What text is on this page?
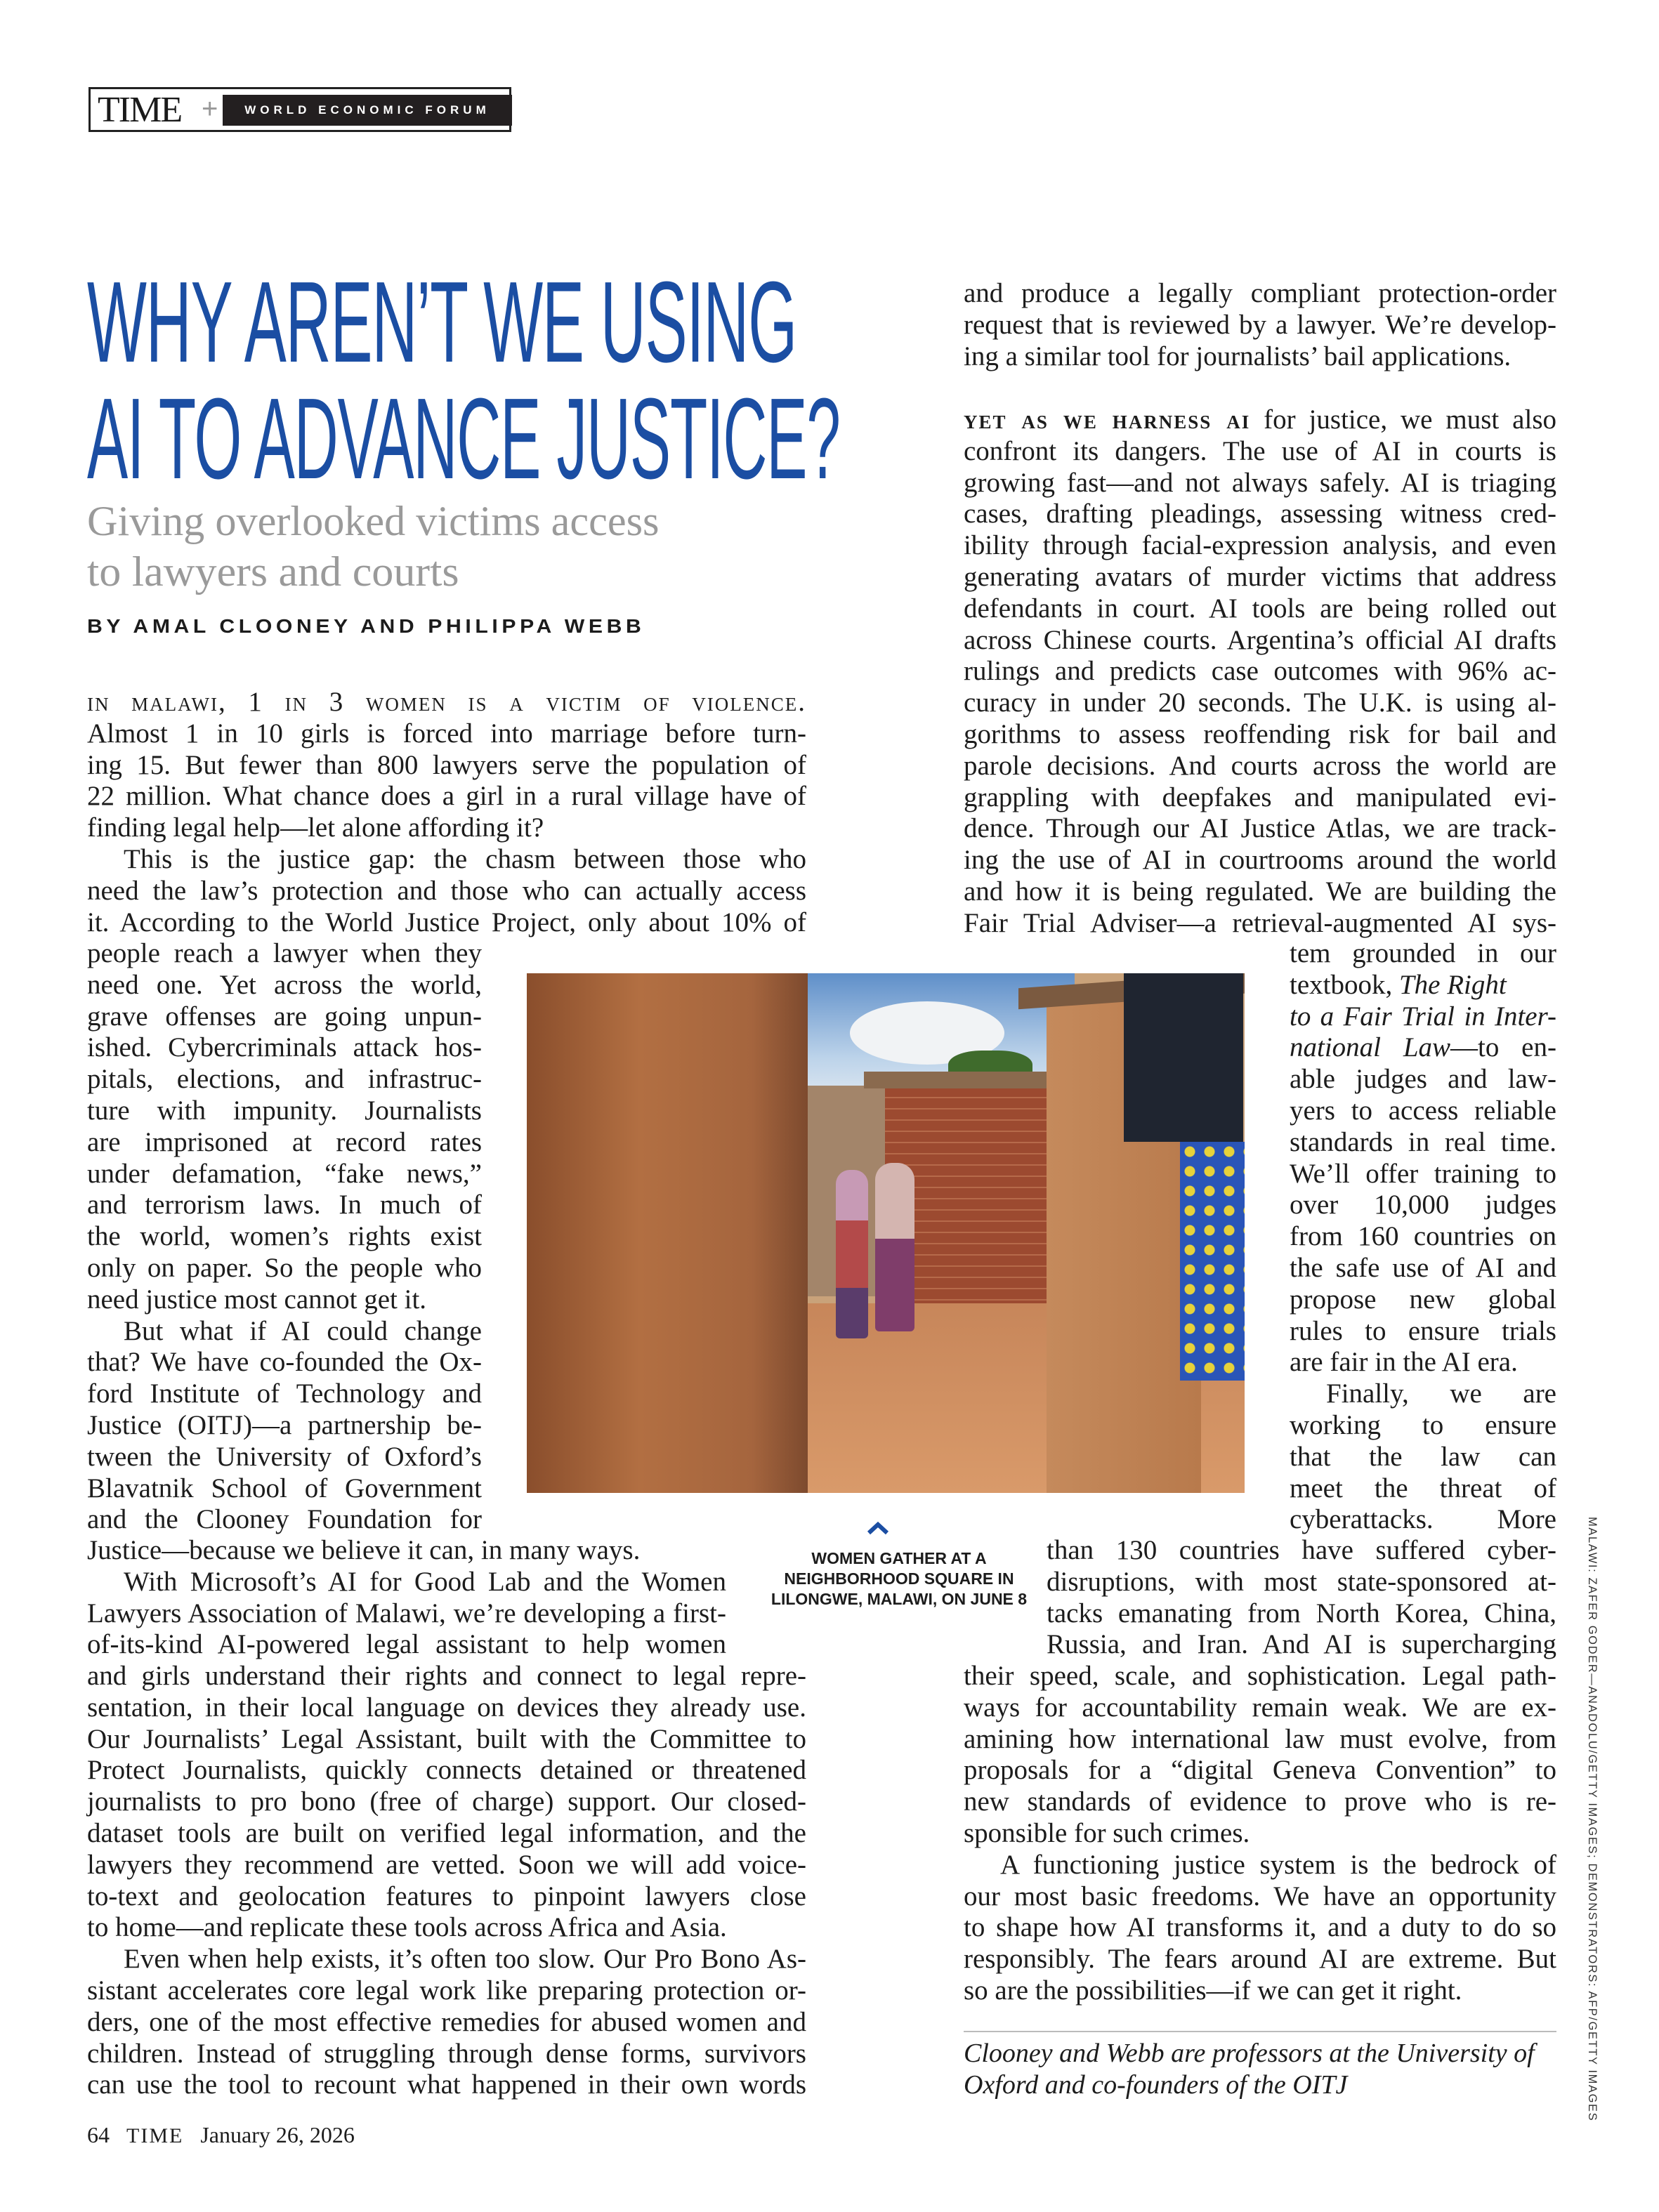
TIME +	WORLD ECONOMIC FORUM
WHY AREN’T WE USING
AI TO ADVANCE JUSTICE?
Giving overlooked victims access
to lawyers and courts
BY AMAL CLOONEY AND PHILIPPA WEBB
in malawi, 1 in 3 women is a victim of violence.
Almost 1 in 10 girls is forced into marriage before turn-
ing 15. But fewer than 800 lawyers serve the population of
22 million. What chance does a girl in a rural village have of
finding legal help—let alone affording it?
This is the justice gap: the chasm between those who
need the law’s protection and those who can actually access
it. According to the World Justice Project, only about 10% of
people reach a lawyer when they
need one. Yet across the world,
grave offenses are going unpun-
ished. Cybercriminals attack hos-
pitals, elections, and infrastruc-
ture with impunity. Journalists
are imprisoned at record rates
under defamation, “fake news,”
and terrorism laws. In much of
the world, women’s rights exist
only on paper. So the people who
need justice most cannot get it.
But what if AI could change
that? We have co-founded the Ox-
ford Institute of Technology and
Justice (OITJ)—a partnership be-
tween the University of Oxford’s
Blavatnik School of Government
and the Clooney Foundation for
Justice—because we believe it can, in many ways.
With Microsoft’s AI for Good Lab and the Women
Lawyers Association of Malawi, we’re developing a first-
of-its-kind AI-powered legal assistant to help women
and girls understand their rights and connect to legal repre-
sentation, in their local language on devices they already use.
Our Journalists’ Legal Assistant, built with the Committee to
Protect Journalists, quickly connects detained or threatened
journalists to pro bono (free of charge) support. Our closed-
dataset tools are built on verified legal information, and the
lawyers they recommend are vetted. Soon we will add voice-
to-text and geolocation features to pinpoint lawyers close
to home—and replicate these tools across Africa and Asia.
Even when help exists, it’s often too slow. Our Pro Bono As-
sistant accelerates core legal work like preparing protection or-
ders, one of the most effective remedies for abused women and
children. Instead of struggling through dense forms, survivors
can use the tool to recount what happened in their own words
and produce a legally compliant protection-order
request that is reviewed by a lawyer. We’re develop-
ing a similar tool for journalists’ bail applications.
yet as we harness ai for justice, we must also
confront its dangers. The use of AI in courts is
growing fast—and not always safely. AI is triaging
cases, drafting pleadings, assessing witness cred-
ibility through facial-expression analysis, and even
generating avatars of murder victims that address
defendants in court. AI tools are being rolled out
across Chinese courts. Argentina’s official AI drafts
rulings and predicts case outcomes with 96% ac-
curacy in under 20 seconds. The U.K. is using al-
gorithms to assess reoffending risk for bail and
parole decisions. And courts across the world are
grappling with deepfakes and manipulated evi-
dence. Through our AI Justice Atlas, we are track-
ing the use of AI in courtrooms around the world
and how it is being regulated. We are building the
Fair Trial Adviser—a retrieval-augmented AI sys-
tem grounded in our
textbook, The Right
to a Fair Trial in Inter-
national Law—to en-
able judges and law-
yers to access reliable
standards in real time.
We’ll offer training to
over 10,000 judges
from 160 countries on
the safe use of AI and
propose new global
rules to ensure trials
are fair in the AI era.
Finally, we are
working to ensure
that the law can
meet the threat of
cyberattacks. More
than 130 countries have suffered cyber-
disruptions, with most state-sponsored at-
tacks emanating from North Korea, China,
Russia, and Iran. And AI is supercharging
their speed, scale, and sophistication. Legal path-
ways for accountability remain weak. We are ex-
amining how international law must evolve, from
proposals for a “digital Geneva Convention” to
new standards of evidence to prove who is re-
sponsible for such crimes.
A functioning justice system is the bedrock of
our most basic freedoms. We have an opportunity
to shape how AI transforms it, and a duty to do so
responsibly. The fears around AI are extreme. But
so are the possibilities—if we can get it right.
WOMEN GATHER AT A NEIGHBORHOOD SQUARE IN LILONGWE, MALAWI, ON JUNE 8
Clooney and Webb are professors at the University of
Oxford and co-founders of the OITJ	MALAWI: ZAFER GODER—ANADOLU/GETTY IMAGES; DEMONSTRATORS: AFP/GETTY IMAGES
64 TIME January 26, 2026
